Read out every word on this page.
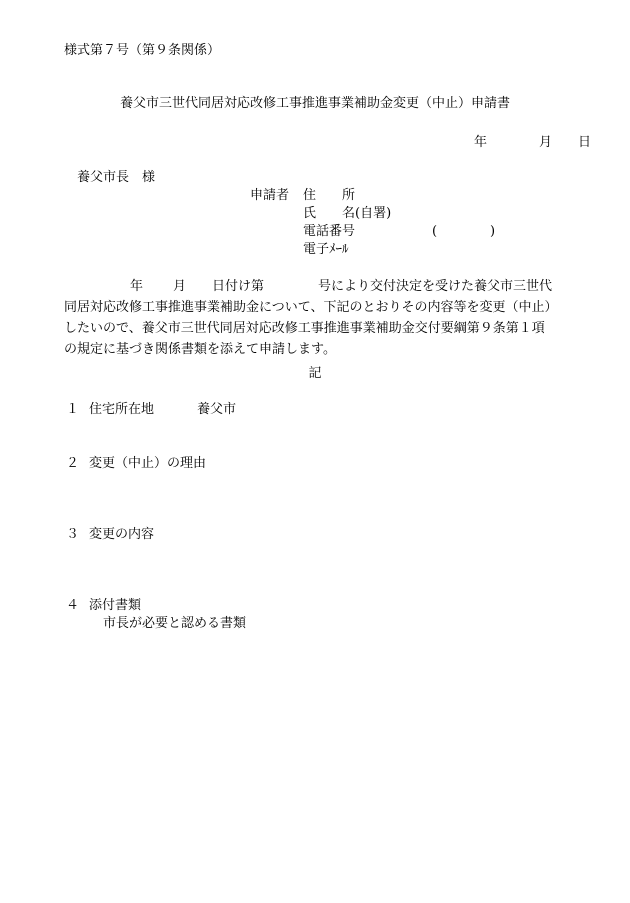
様式第７号（第９条関係）
養父市三世代同居対応改修工事推進事業補助金変更（中止）申請書
年	月 日
養父市長　様
申請者 住　　所
氏　　名(自署)
電話番号	(	)
電子ﾒｰﾙ
年 月 日付け第	号により交付決定を受けた養父市三世代
同居対応改修工事推進事業補助金について、下記のとおりその内容等を変更（中止）
したいので、養父市三世代同居対応改修工事推進事業補助金交付要綱第９条第１項
の規定に基づき関係書類を添えて申請します。
記
１ 住宅所在地	養父市
２ 変更（中止）の理由
３ 変更の内容
４ 添付書類
市長が必要と認める書類
